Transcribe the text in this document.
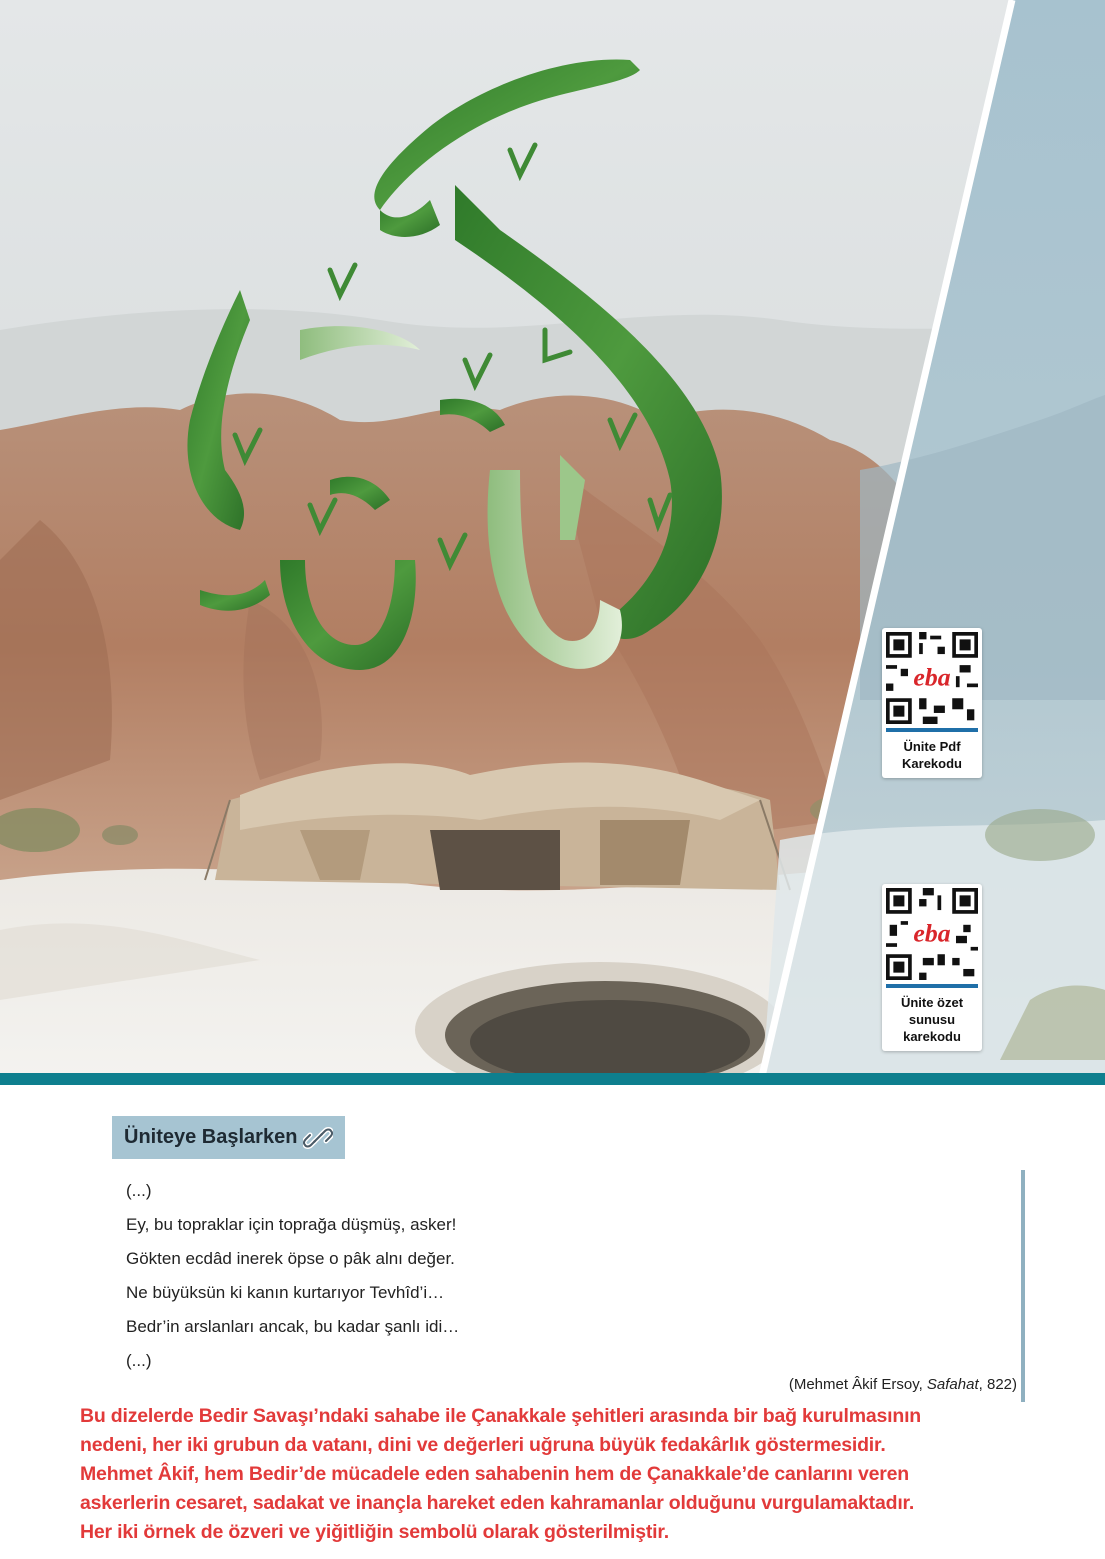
eba
Ünite Pdf
Karekodu
eba
Ünite özet
sunusu
karekodu
Üniteye Başlarken

(...)

Ey, bu topraklar için toprağa düşmüş, asker!

Gökten ecdâd inerek öpse o pâk alnı değer.

Ne büyüksün ki kanın kurtarıyor Tevhîd’i…

Bedr’in arslanları ancak, bu kadar şanlı idi…

(...)

(Mehmet Âkif Ersoy, Safahat, 822)
Bu dizelerde Bedir Savaşı’ndaki sahabe ile Çanakkale şehitleri arasında bir bağ kurulmasının
nedeni, her iki grubun da vatanı, dini ve değerleri uğruna büyük fedakârlık göstermesidir.
Mehmet Âkif, hem Bedir’de mücadele eden sahabenin hem de Çanakkale’de canlarını veren
askerlerin cesaret, sadakat ve inançla hareket eden kahramanlar olduğunu vurgulamaktadır.
Her iki örnek de özveri ve yiğitliğin sembolü olarak gösterilmiştir.
